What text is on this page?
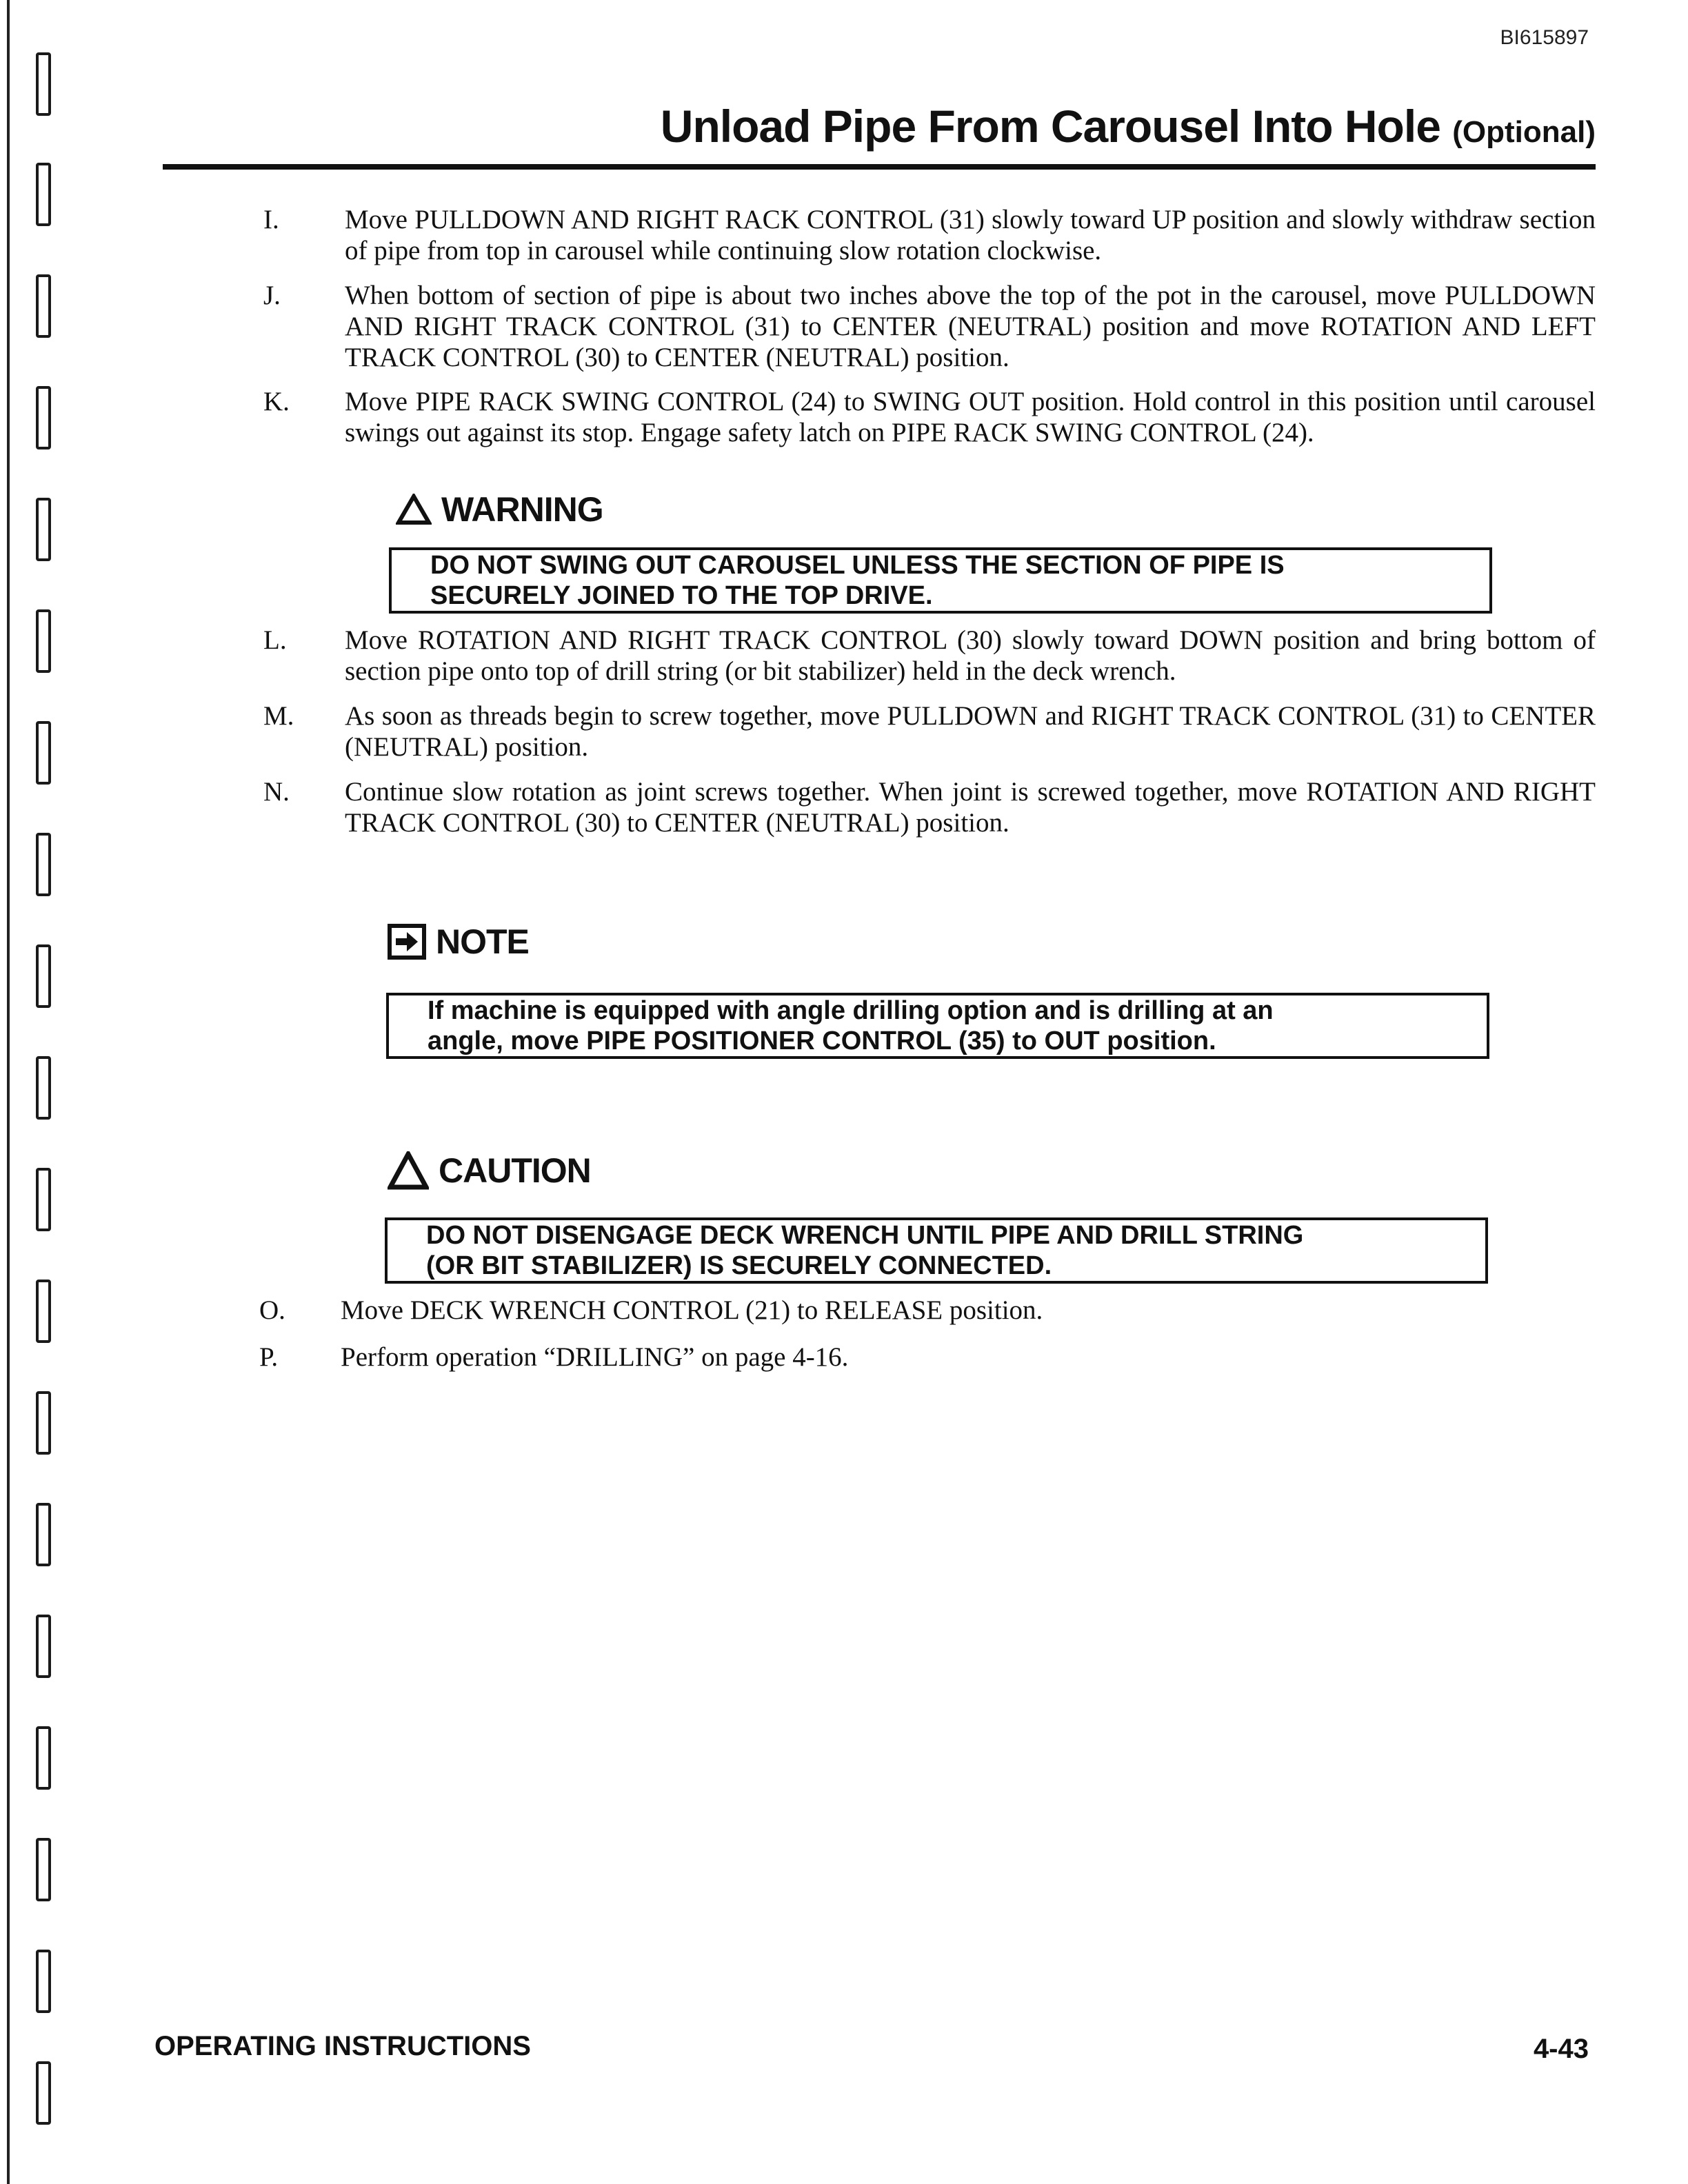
BI615897
Unload Pipe From Carousel Into Hole (Optional)
I. Move PULLDOWN AND RIGHT RACK CONTROL (31) slowly toward UP position and slowly withdraw section of pipe from top in carousel while continuing slow rotation clockwise.
J. When bottom of section of pipe is about two inches above the top of the pot in the carousel, move PULLDOWN AND RIGHT TRACK CONTROL (31) to CENTER (NEUTRAL) position and move ROTATION AND LEFT TRACK CONTROL (30) to CENTER (NEUTRAL) position.
K. Move PIPE RACK SWING CONTROL (24) to SWING OUT position. Hold control in this position until carousel swings out against its stop. Engage safety latch on PIPE RACK SWING CONTROL (24).
WARNING
DO NOT SWING OUT CAROUSEL UNLESS THE SECTION OF PIPE IS
SECURELY JOINED TO THE TOP DRIVE.
L. Move ROTATION AND RIGHT TRACK CONTROL (30) slowly toward DOWN position and bring bottom of section pipe onto top of drill string (or bit stabilizer) held in the deck wrench.
M. As soon as threads begin to screw together, move PULLDOWN and RIGHT TRACK CONTROL (31) to CENTER (NEUTRAL) position.
N. Continue slow rotation as joint screws together. When joint is screwed together, move ROTATION AND RIGHT TRACK CONTROL (30) to CENTER (NEUTRAL) position.
NOTE
If machine is equipped with angle drilling option and is drilling at an
angle, move PIPE POSITIONER CONTROL (35) to OUT position.
CAUTION
DO NOT DISENGAGE DECK WRENCH UNTIL PIPE AND DRILL STRING
(OR BIT STABILIZER) IS SECURELY CONNECTED.
O. Move DECK WRENCH CONTROL (21) to RELEASE position.
P. Perform operation “DRILLING” on page 4-16.
OPERATING INSTRUCTIONS	4-43
